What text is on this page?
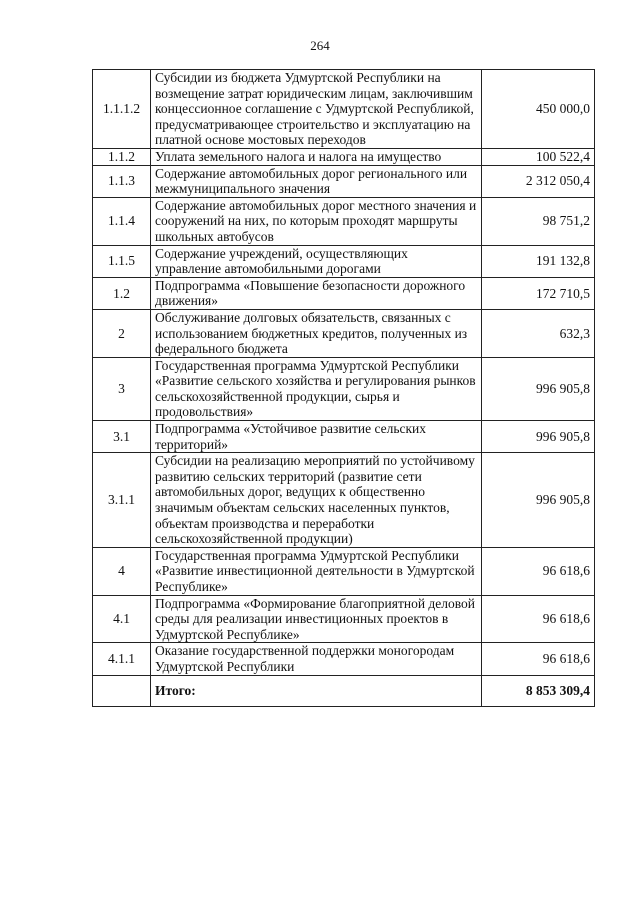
264
1.1.1.2	Субсидии из бюджета Удмуртской Республики на возмещение затрат юридическим лицам, заключившим концессионное соглашение с Удмуртской Республикой, предусматривающее строительство и эксплуатацию на платной основе мостовых переходов	450 000,0
1.1.2	Уплата земельного налога и налога на имущество	100 522,4
1.1.3	Содержание автомобильных дорог регионального или межмуниципального значения	2 312 050,4
1.1.4	Содержание автомобильных дорог местного значения и сооружений на них, по которым проходят маршруты школьных автобусов	98 751,2
1.1.5	Содержание учреждений, осуществляющих управление автомобильными дорогами	191 132,8
1.2	Подпрограмма «Повышение безопасности дорожного движения»	172 710,5
2	Обслуживание долговых обязательств, связанных с использованием бюджетных кредитов, полученных из федерального бюджета	632,3
3	Государственная программа Удмуртской Республики «Развитие сельского хозяйства и регулирования рынков сельскохозяйственной продукции, сырья и продовольствия»	996 905,8
3.1	Подпрограмма «Устойчивое развитие сельских территорий»	996 905,8
3.1.1	Субсидии на реализацию мероприятий по устойчивому развитию сельских территорий (развитие сети автомобильных дорог, ведущих к общественно значимым объектам сельских населенных пунктов, объектам производства и переработки сельскохозяйственной продукции)	996 905,8
4	Государственная программа Удмуртской Республики «Развитие инвестиционной деятельности в Удмуртской Республике»	96 618,6
4.1	Подпрограмма «Формирование благоприятной деловой среды для реализации инвестиционных проектов в Удмуртской Республике»	96 618,6
4.1.1	Оказание государственной поддержки моногородам Удмуртской Республики	96 618,6
	Итого:	8 853 309,4
